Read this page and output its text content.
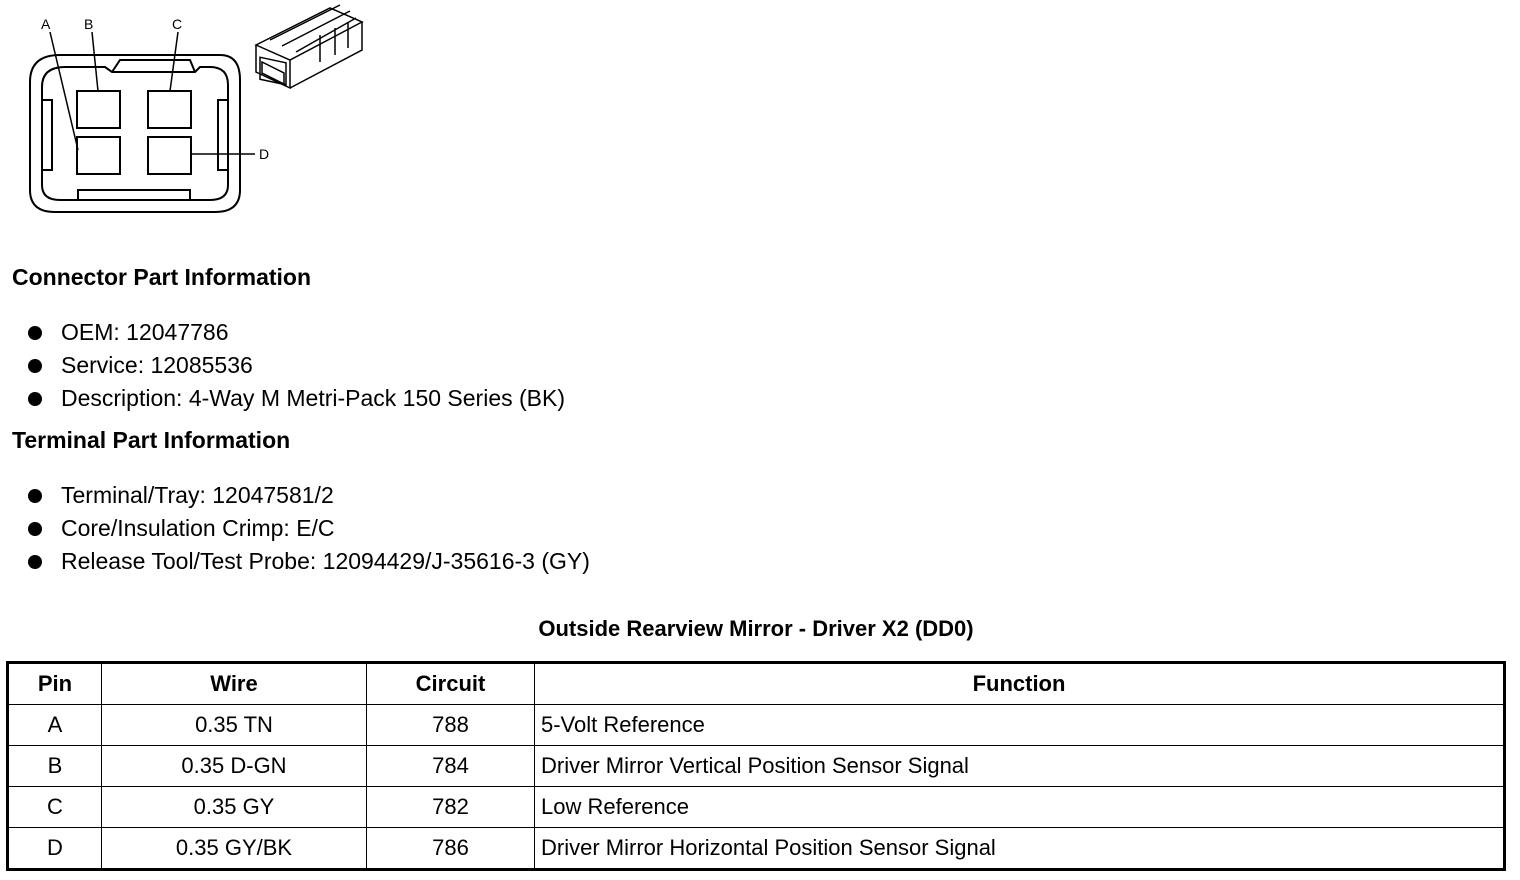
A B	C
D
Connector Part Information
OEM: 12047786
Service: 12085536
Description: 4-Way M Metri-Pack 150 Series (BK)
Terminal Part Information
Terminal/Tray: 12047581/2
Core/Insulation Crimp: E/C
Release Tool/Test Probe: 12094429/J-35616-3 (GY)
Outside Rearview Mirror - Driver X2 (DD0)
Pin	Wire	Circuit	Function
A	0.35 TN	788	5-Volt Reference
B	0.35 D-GN	784	Driver Mirror Vertical Position Sensor Signal
C	0.35 GY	782	Low Reference
D	0.35 GY/BK	786	Driver Mirror Horizontal Position Sensor Signal
